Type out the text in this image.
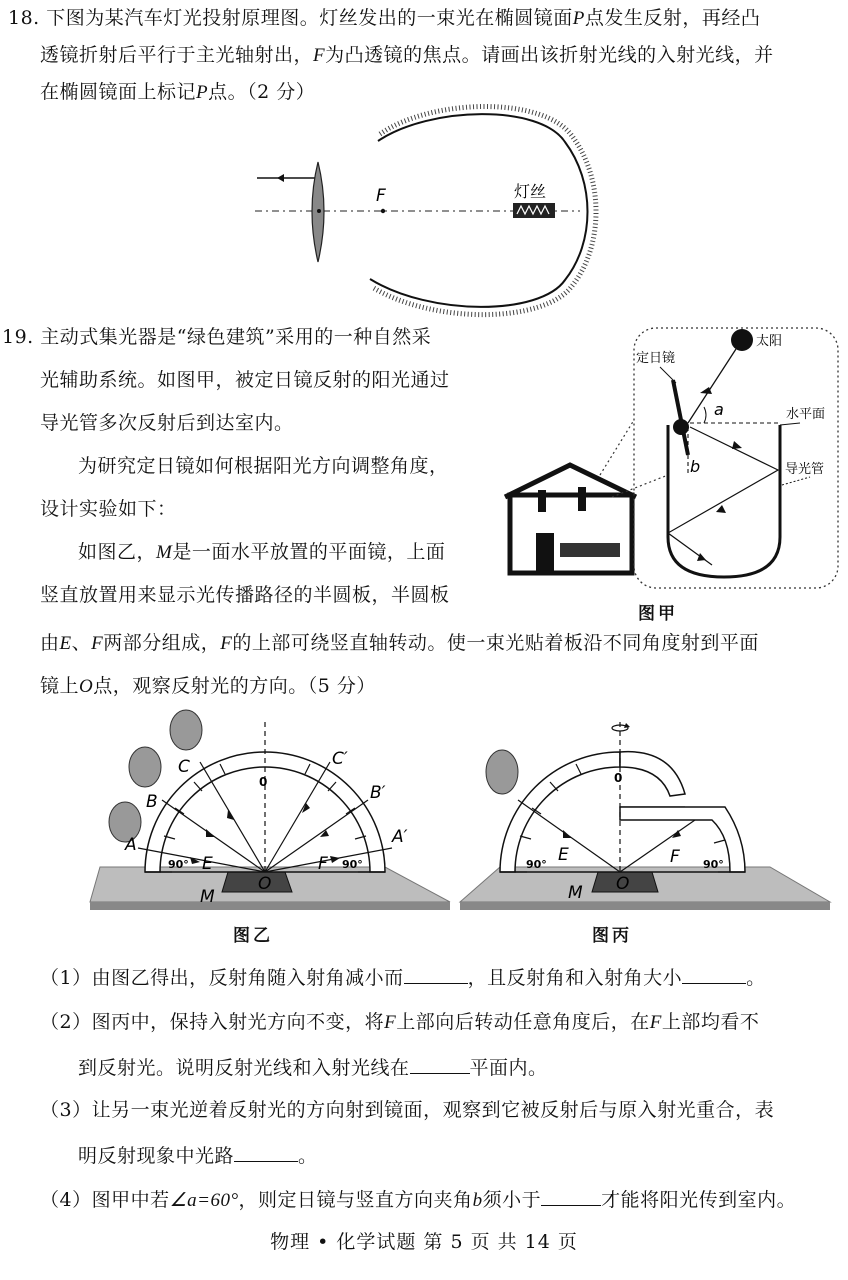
18. 下图为某汽车灯光投射原理图。灯丝发出的一束光在椭圆镜面P点发生反射，再经凸
透镜折射后平行于主光轴射出，F为凸透镜的焦点。请画出该折射光线的入射光线，并
在椭圆镜面上标记P点。（2 分）
F	灯丝
19. 主动式集光器是“绿色建筑”采用的一种自然采
光辅助系统。如图甲，被定日镜反射的阳光通过
导光管多次反射后到达室内。
为研究定日镜如何根据阳光方向调整角度，
设计实验如下：
如图乙，M是一面水平放置的平面镜，上面
竖直放置用来显示光传播路径的半圆板，半圆板
由E、F两部分组成，F的上部可绕竖直轴转动。使一束光贴着板沿不同角度射到平面
镜上O点，观察反射光的方向。（5 分）
太阳
定日镜
a	水平面
b	导光管
图甲
M
0
90°	90°
A
B
C
A′
B′
C′
E	F
O
图乙
M
0
90°	90°
E	F
O
图丙
（1）由图乙得出，反射角随入射角减小而	，且反射角和入射角大小	。
（2）图丙中，保持入射光方向不变，将F上部向后转动任意角度后，在F上部均看不
到反射光。说明反射光线和入射光线在	平面内。
（3）让另一束光逆着反射光的方向射到镜面，观察到它被反射后与原入射光重合，表
明反射现象中光路	。
（4）图甲中若∠a=60°，则定日镜与竖直方向夹角b须小于	才能将阳光传到室内。
物理 • 化学试题 第 5 页 共 14 页
